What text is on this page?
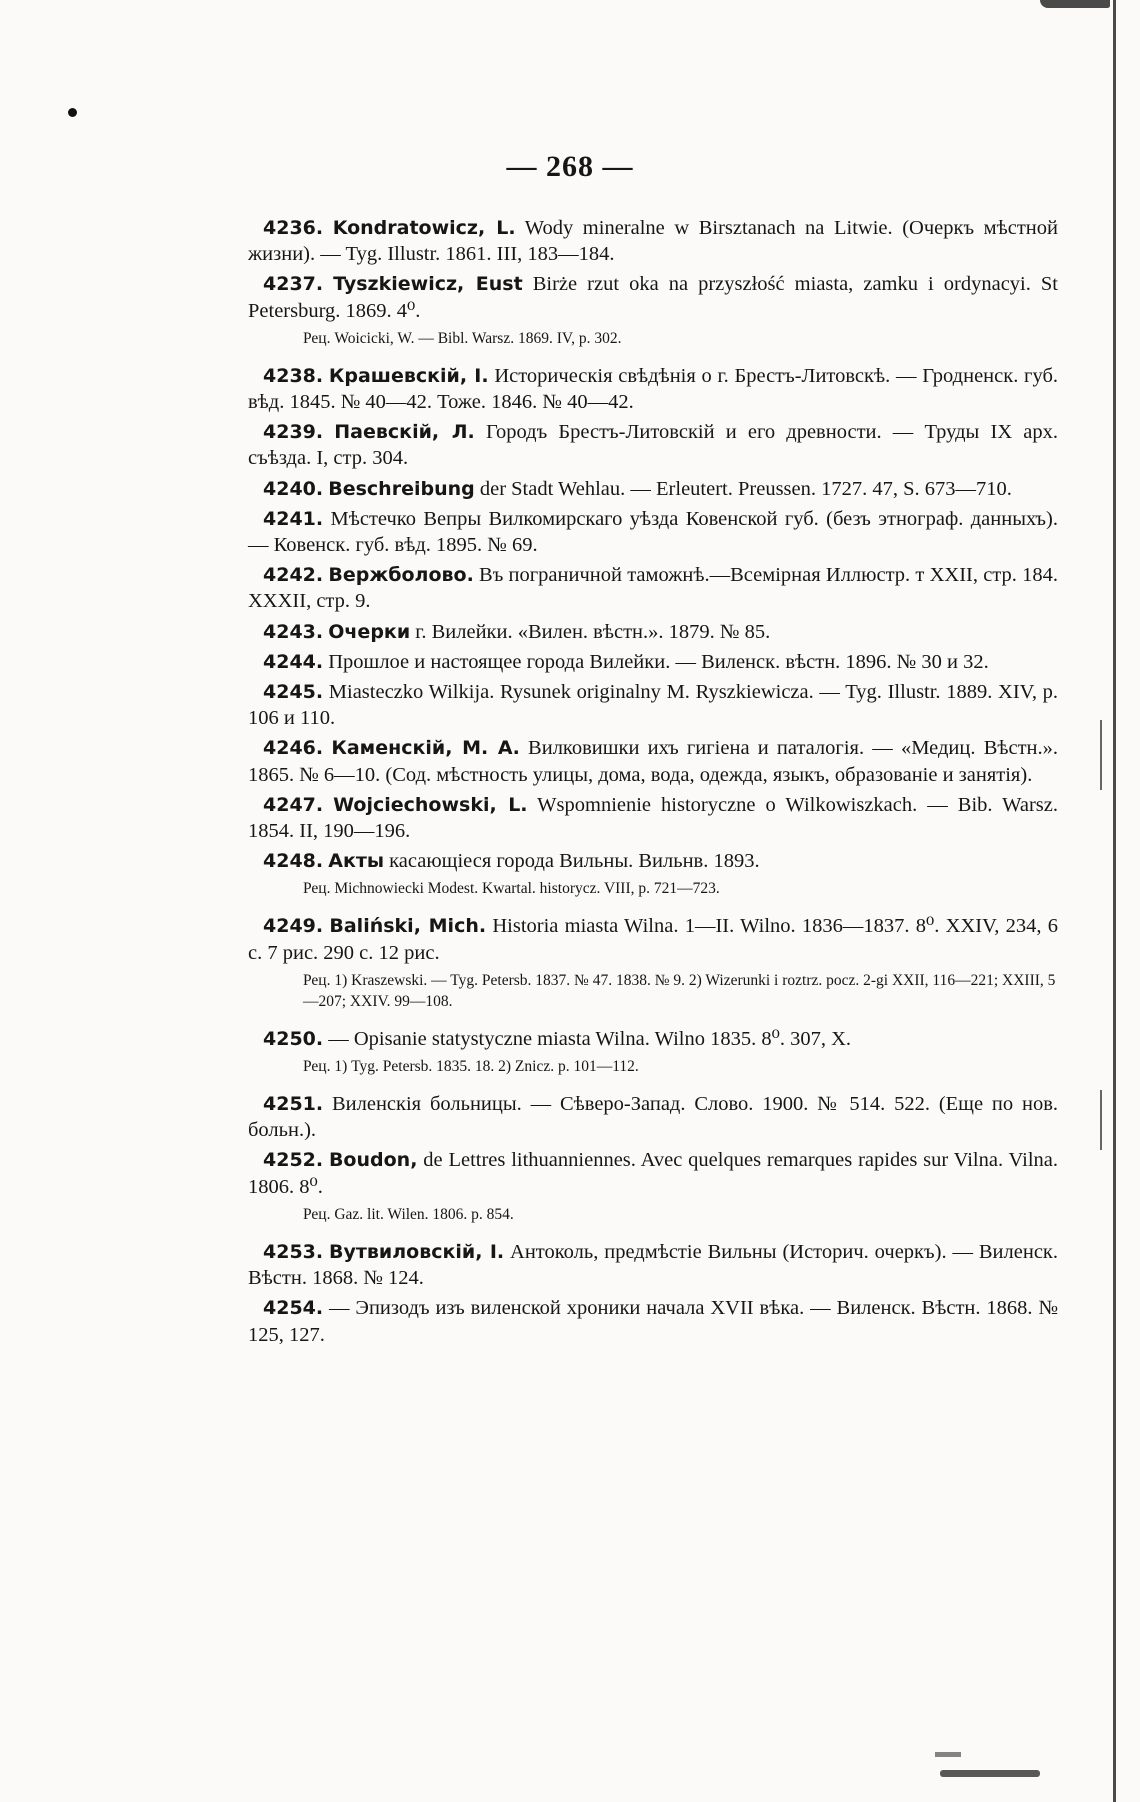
— 268 —

4236. Kondratowicz, L. Wody mineralne w Birsztanach na Litwie. (Очеркъ мѣстной жизни). — Tyg. Illustr. 1861. III, 183—184.

4237. Tyszkiewicz, Eust Birże rzut oka na przyszłość miasta, zamku i ordynacyi. St Petersburg. 1869. 4⁰.

Рец. Woicicki, W. — Bibl. Warsz. 1869. IV, p. 302.

4238. Крашевскій, I. Историческія свѣдѣнія о г. Брестъ-Литовскѣ. — Гродненск. губ. вѣд. 1845. № 40—42. Тоже. 1846. № 40—42.

4239. Паевскій, Л. Городъ Брестъ-Литовскій и его древности. — Труды IX арх. съѣзда. I, стр. 304.

4240. Beschreibung der Stadt Wehlau. — Erleutert. Preussen. 1727. 47, S. 673—710.

4241. Мѣстечко Вепры Вилкомирскаго уѣзда Ковенской губ. (безъ этнограф. данныхъ). — Ковенск. губ. вѣд. 1895. № 69.

4242. Вержболово. Въ пограничной таможнѣ.—Всемірная Иллюстр. т XXII, стр. 184. XXXII, стр. 9.

4243. Очерки г. Вилейки. «Вилен. вѣстн.». 1879. № 85.

4244. Прошлое и настоящее города Вилейки. — Виленск. вѣстн. 1896. № 30 и 32.

4245. Miasteczko Wilkija. Rysunek originalny M. Ryszkiewicza. — Tyg. Illustr. 1889. XIV, p. 106 и 110.

4246. Каменскій, М. А. Вилковишки ихъ гигіена и паталогія. — «Медиц. Вѣстн.». 1865. № 6—10. (Сод. мѣстность улицы, дома, вода, одежда, языкъ, образованіе и занятія).

4247. Wojciechowski, L. Wspomnienie historyczne o Wilkowiszkach. — Bib. Warsz. 1854. II, 190—196.

4248. Акты касающіеся города Вильны. Вильнв. 1893.

Рец. Michnowiecki Modest. Kwartal. historycz. VIII, p. 721—723.

4249. Baliński, Mich. Historia miasta Wilna. 1—II. Wilno. 1836—1837. 8⁰. XXIV, 234, 6 c. 7 рис. 290 c. 12 рис.

Рец. 1) Kraszewski. — Tyg. Petersb. 1837. № 47. 1838. № 9. 2) Wizerunki i roztrz. pocz. 2-gi XXII, 116—221; XXIII, 5—207; XXIV. 99—108.

4250. — Opisanie statystyczne miasta Wilna. Wilno 1835. 8⁰. 307, X.

Рец. 1) Tyg. Petersb. 1835. 18. 2) Znicz. p. 101—112.

4251. Виленскія больницы. — Сѣверо-Запад. Слово. 1900. № 514. 522. (Еще по нов. больн.).

4252. Boudon, de Lettres lithuanniennes. Avec quelques remarques rapides sur Vilna. Vilna. 1806. 8⁰.

Рец. Gaz. lit. Wilen. 1806. p. 854.

4253. Вутвиловскій, I. Антоколь, предмѣстіе Вильны (Историч. очеркъ). — Виленск. Вѣстн. 1868. № 124.

4254. — Эпизодъ изъ виленской хроники начала XVII вѣка. — Виленск. Вѣстн. 1868. № 125, 127.
